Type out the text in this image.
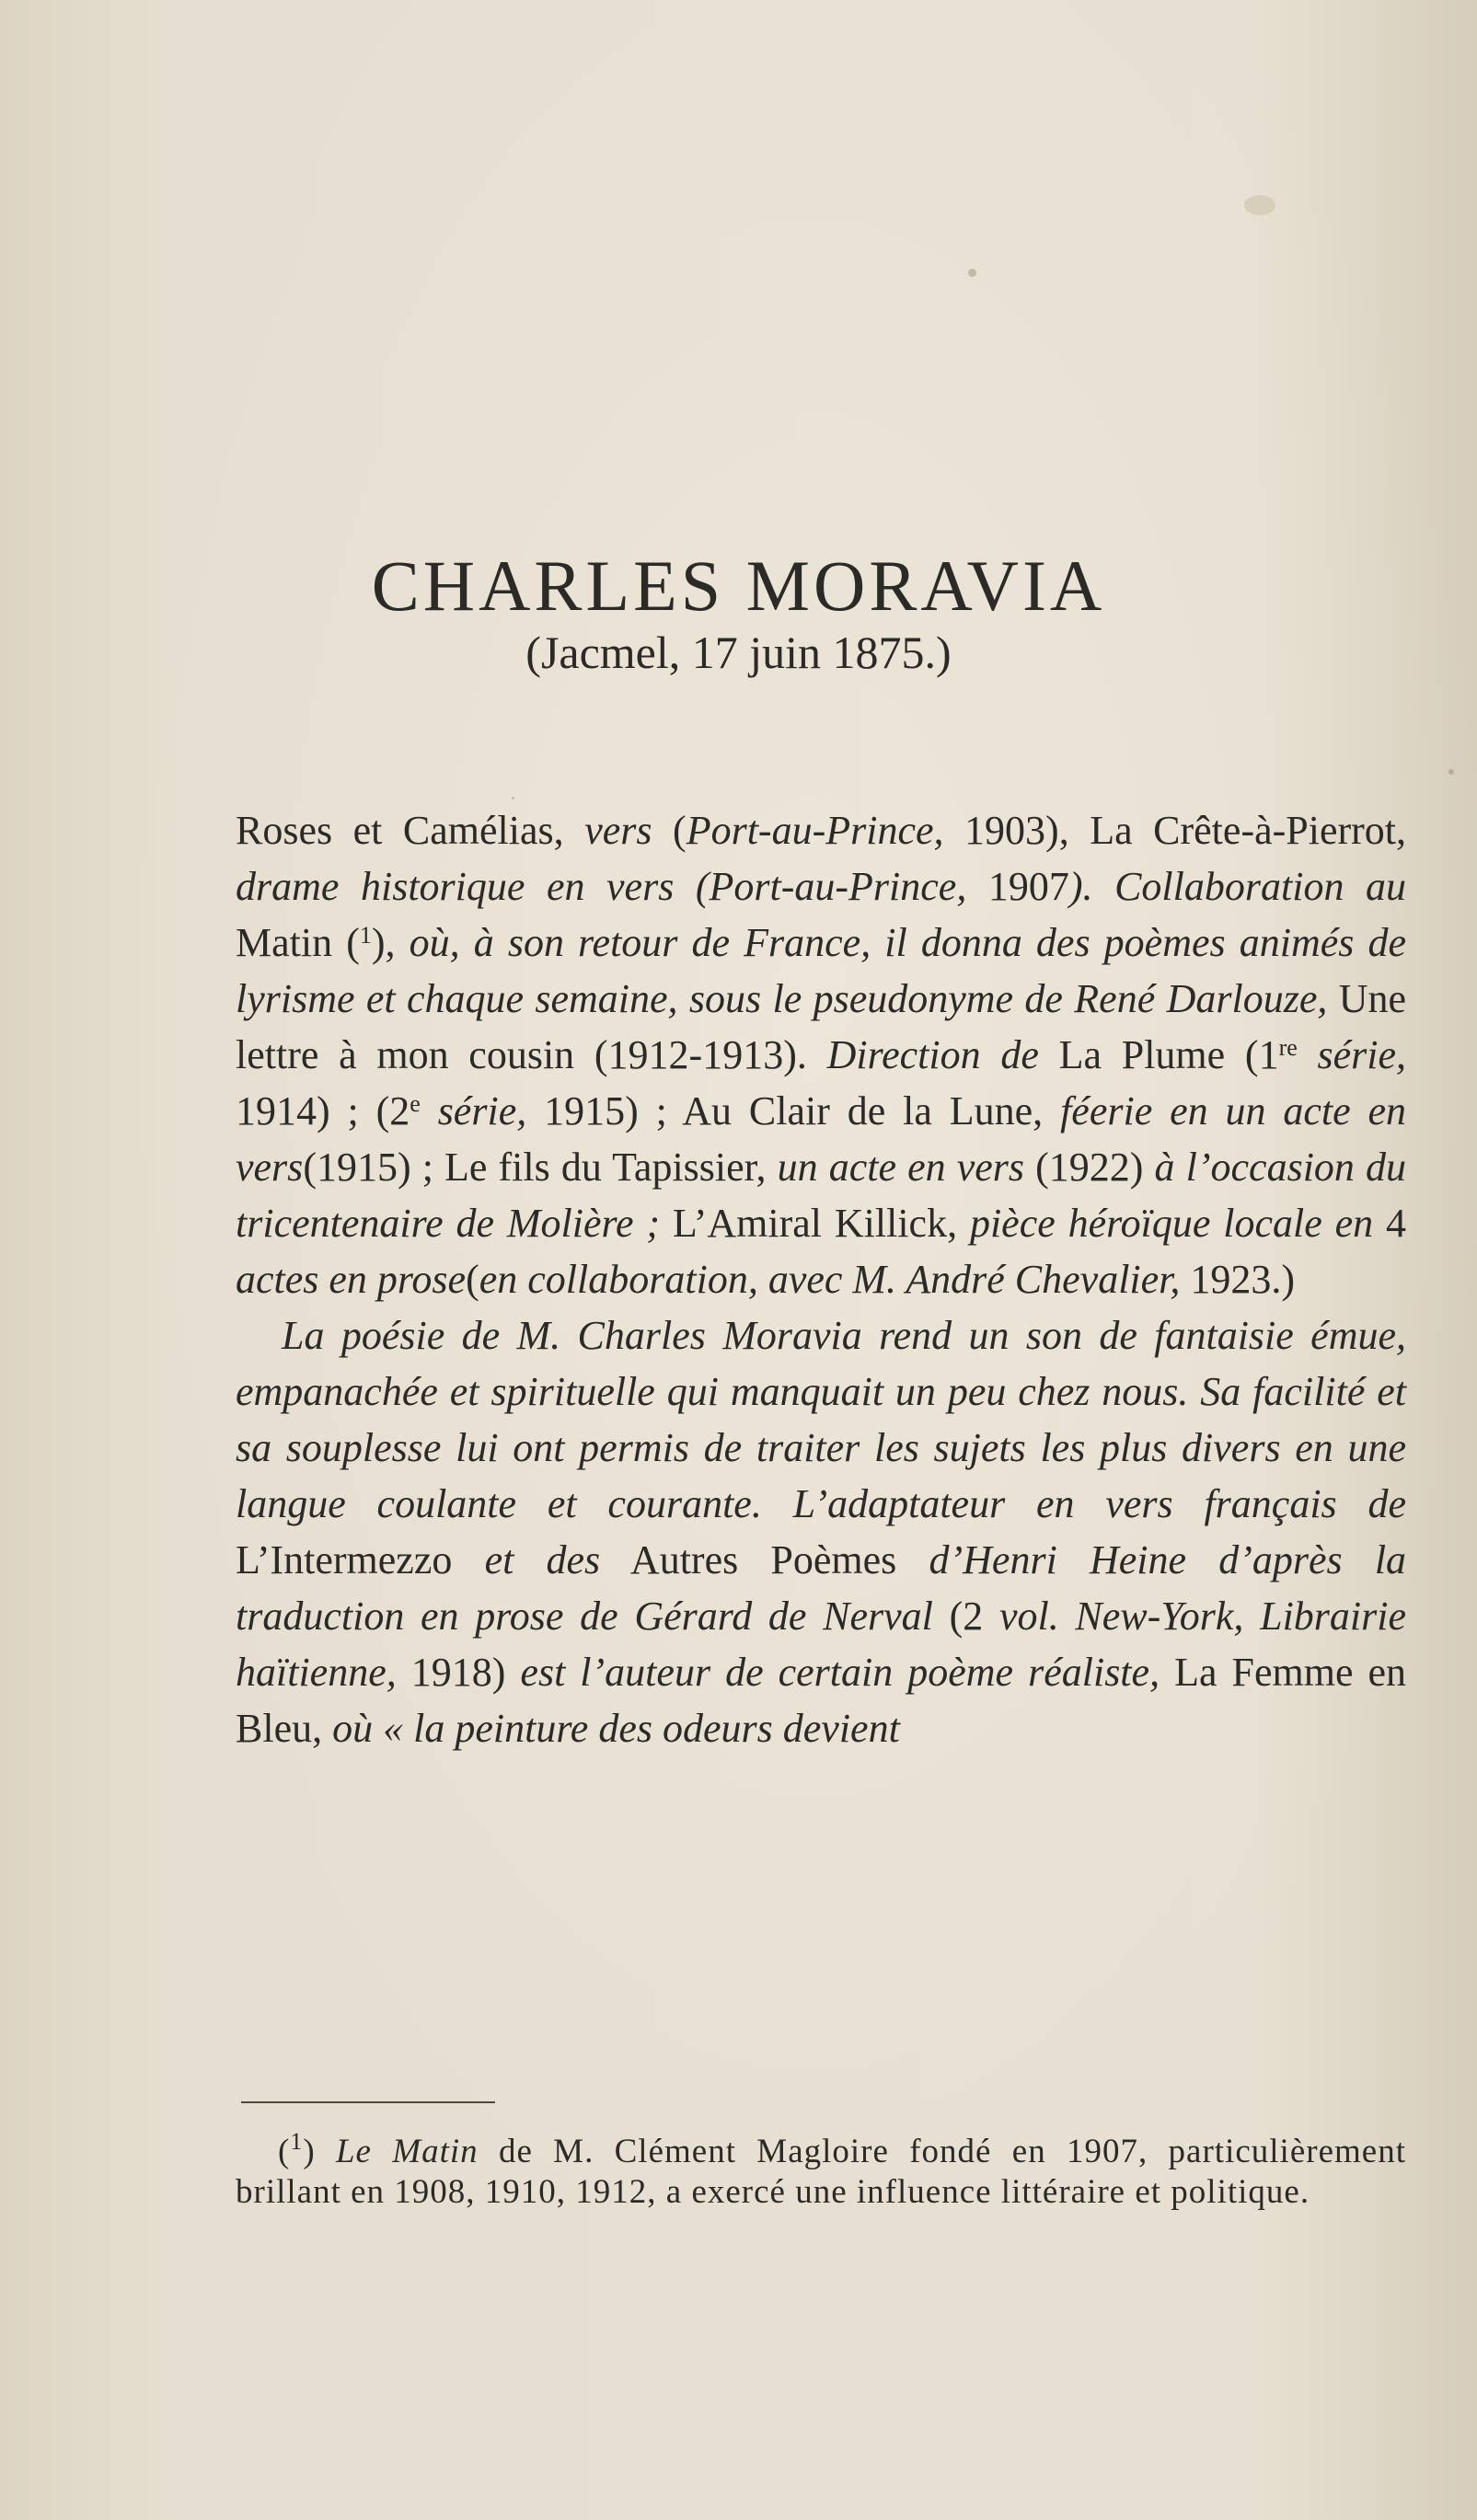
CHARLES MORAVIA
(Jacmel, 17 juin 1875.)

Roses et Camélias, vers (Port-au-Prince, 1903), La Crête-à-Pierrot, drame historique en vers (Port-au-Prince, 1907). Collaboration au Matin ($^1$), où, à son retour de France, il donna des poèmes animés de lyrisme et chaque semaine, sous le pseudonyme de René Darlouze, Une lettre à mon cousin (1912-1913). Direction de La Plume (1re série, 1914) ; (2e série, 1915) ; Au Clair de la Lune, féerie en un acte en vers(1915) ; Le fils du Tapissier, un acte en vers (1922) à l’occasion du tricentenaire de Molière ; L’Amiral Killick, pièce héroïque locale en 4 actes en prose(en collaboration, avec M. André Chevalier, 1923.)

La poésie de M. Charles Moravia rend un son de fantaisie émue, empanachée et spirituelle qui manquait un peu chez nous. Sa facilité et sa souplesse lui ont permis de traiter les sujets les plus divers en une langue coulante et courante. L’adaptateur en vers français de L’Intermezzo et des Autres Poèmes d’Henri Heine d’après la traduction en prose de Gérard de Nerval (2 vol. New-York, Librairie haïtienne, 1918) est l’auteur de certain poème réaliste, La Femme en Bleu, où « la peinture des odeurs devient

($^1$) Le Matin de M. Clément Magloire fondé en 1907, particulièrement brillant en 1908, 1910, 1912, a exercé une influence littéraire et politique.
